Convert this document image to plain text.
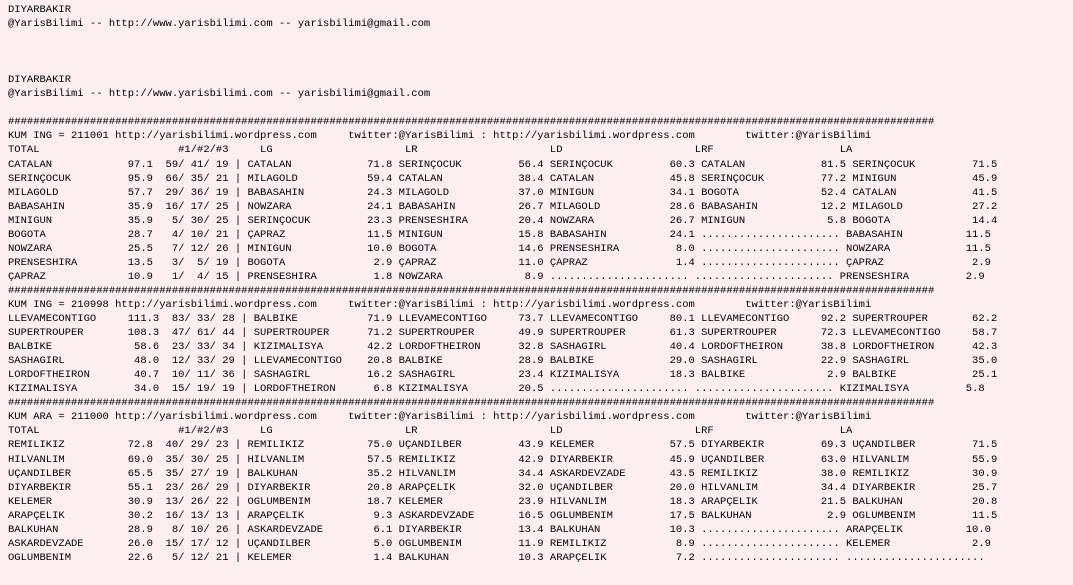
DIYARBAKIR
@YarisBilimi -- http://www.yarisbilimi.com -- yarisbilimi@gmail.com
DIYARBAKIR
@YarisBilimi -- http://www.yarisbilimi.com -- yarisbilimi@gmail.com
###################################################################################################################################################
KUM ING = 211001 http://yarisbilimi.wordpress.com     twitter:@YarisBilimi : http://yarisbilimi.wordpress.com        twitter:@YarisBilimi
TOTAL                      #1/#2/#3     LG                     LR                     LD                     LRF                    LA
CATALAN            97.1  59/ 41/ 19 | CATALAN            71.8 SERINÇOCUK         56.4 SERINÇOCUK         60.3 CATALAN            81.5 SERINÇOCUK         71.5
SERINÇOCUK         95.9  66/ 35/ 21 | MILAGOLD           59.4 CATALAN            38.4 CATALAN            45.8 SERINÇOCUK         77.2 MINIGUN            45.9
MILAGOLD           57.7  29/ 36/ 19 | BABASAHIN          24.3 MILAGOLD           37.0 MINIGUN            34.1 BOGOTA             52.4 CATALAN            41.5
BABASAHIN          35.9  16/ 17/ 25 | NOWZARA            24.1 BABASAHIN          26.7 MILAGOLD           28.6 BABASAHIN          12.2 MILAGOLD           27.2
MINIGUN            35.9   5/ 30/ 25 | SERINÇOCUK         23.3 PRENSESHIRA        20.4 NOWZARA            26.7 MINIGUN             5.8 BOGOTA             14.4
BOGOTA             28.7   4/ 10/ 21 | ÇAPRAZ             11.5 MINIGUN            15.8 BABASAHIN          24.1 ...................... BABASAHIN          11.5
NOWZARA            25.5   7/ 12/ 26 | MINIGUN            10.0 BOGOTA             14.6 PRENSESHIRA         8.0 ...................... NOWZARA            11.5
PRENSESHIRA        13.5   3/  5/ 19 | BOGOTA              2.9 ÇAPRAZ             11.0 ÇAPRAZ              1.4 ...................... ÇAPRAZ              2.9
ÇAPRAZ             10.9   1/  4/ 15 | PRENSESHIRA         1.8 NOWZARA             8.9 ...................... ...................... PRENSESHIRA         2.9
###################################################################################################################################################
KUM ING = 210998 http://yarisbilimi.wordpress.com     twitter:@YarisBilimi : http://yarisbilimi.wordpress.com        twitter:@YarisBilimi
LLEVAMECONTIGO     111.3  83/ 33/ 28 | BALBIKE           71.9 LLEVAMECONTIGO     73.7 LLEVAMECONTIGO     80.1 LLEVAMECONTIGO     92.2 SUPERTROUPER       62.2
SUPERTROUPER       108.3  47/ 61/ 44 | SUPERTROUPER      71.2 SUPERTROUPER       49.9 SUPERTROUPER       61.3 SUPERTROUPER       72.3 LLEVAMECONTIGO     58.7
BALBIKE             58.6  23/ 33/ 34 | KIZIMALISYA       42.2 LORDOFTHEIRON      32.8 SASHAGIRL          40.4 LORDOFTHEIRON      38.8 LORDOFTHEIRON      42.3
SASHAGIRL           48.0  12/ 33/ 29 | LLEVAMECONTIGO    20.8 BALBIKE            28.9 BALBIKE            29.0 SASHAGIRL          22.9 SASHAGIRL          35.0
LORDOFTHEIRON       40.7  10/ 11/ 36 | SASHAGIRL         16.2 SASHAGIRL          23.4 KIZIMALISYA        18.3 BALBIKE             2.9 BALBIKE            25.1
KIZIMALISYA         34.0  15/ 19/ 19 | LORDOFTHEIRON      6.8 KIZIMALISYA        20.5 ...................... ...................... KIZIMALISYA         5.8
###################################################################################################################################################
KUM ARA = 211000 http://yarisbilimi.wordpress.com     twitter:@YarisBilimi : http://yarisbilimi.wordpress.com        twitter:@YarisBilimi
TOTAL                      #1/#2/#3     LG                     LR                     LD                     LRF                    LA
REMILIKIZ          72.8  40/ 29/ 23 | REMILIKIZ          75.0 UÇANDILBER         43.9 KELEMER            57.5 DIYARBEKIR         69.3 UÇANDILBER         71.5
HILVANLIM          69.0  35/ 30/ 25 | HILVANLIM          57.5 REMILIKIZ          42.9 DIYARBEKIR         45.9 UÇANDILBER         63.0 HILVANLIM          55.9
UÇANDILBER         65.5  35/ 27/ 19 | BALKUHAN           35.2 HILVANLIM          34.4 ASKARDEVZADE       43.5 REMILIKIZ          38.0 REMILIKIZ          30.9
DIYARBEKIR         55.1  23/ 26/ 29 | DIYARBEKIR         20.8 ARAPÇELIK          32.0 UÇANDILBER         20.0 HILVANLIM          34.4 DIYARBEKIR         25.7
KELEMER            30.9  13/ 26/ 22 | OGLUMBENIM         18.7 KELEMER            23.9 HILVANLIM          18.3 ARAPÇELIK          21.5 BALKUHAN           20.8
ARAPÇELIK          30.2  16/ 13/ 13 | ARAPÇELIK           9.3 ASKARDEVZADE       16.5 OGLUMBENIM         17.5 BALKUHAN            2.9 OGLUMBENIM         11.5
BALKUHAN           28.9   8/ 10/ 26 | ASKARDEVZADE        6.1 DIYARBEKIR         13.4 BALKUHAN           10.3 ...................... ARAPÇELIK          10.0
ASKARDEVZADE       26.0  15/ 17/ 12 | UÇANDILBER          5.0 OGLUMBENIM         11.9 REMILIKIZ           8.9 ...................... KELEMER             2.9
OGLUMBENIM         22.6   5/ 12/ 21 | KELEMER             1.4 BALKUHAN           10.3 ARAPÇELIK           7.2 ...................... ......................
